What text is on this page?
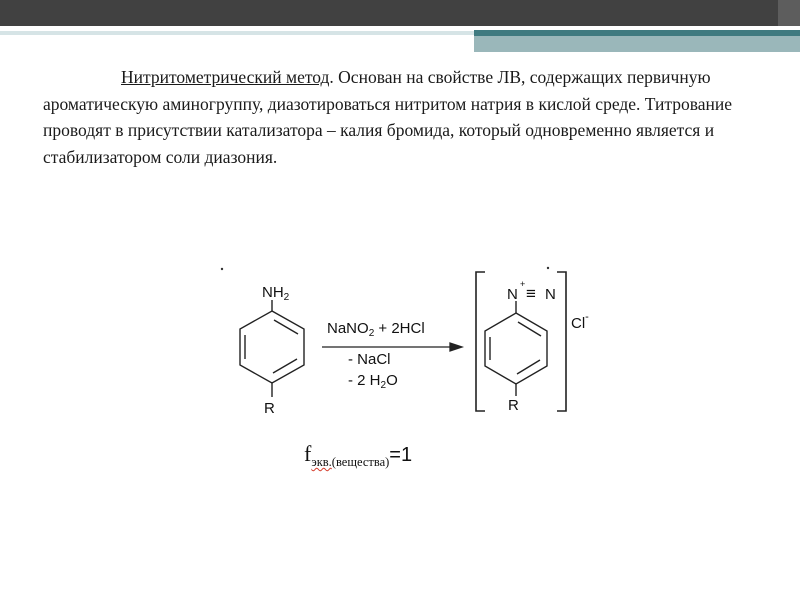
Нитритометрический метод. Основан на свойстве ЛВ, содержащих первичную ароматическую аминогруппу, диазотироваться нитритом натрия в кислой среде. Титрование проводят в присутствии катализатора – калия бромида, который одновременно является и стабилизатором соли диазония.

$NH_2$
R
NaNO$_2$ + 2HCl
- NaCl
- 2 $H_2O$
N
+ ≡ N
R
Cl-
$f_{экв.(вещества)}=1$
